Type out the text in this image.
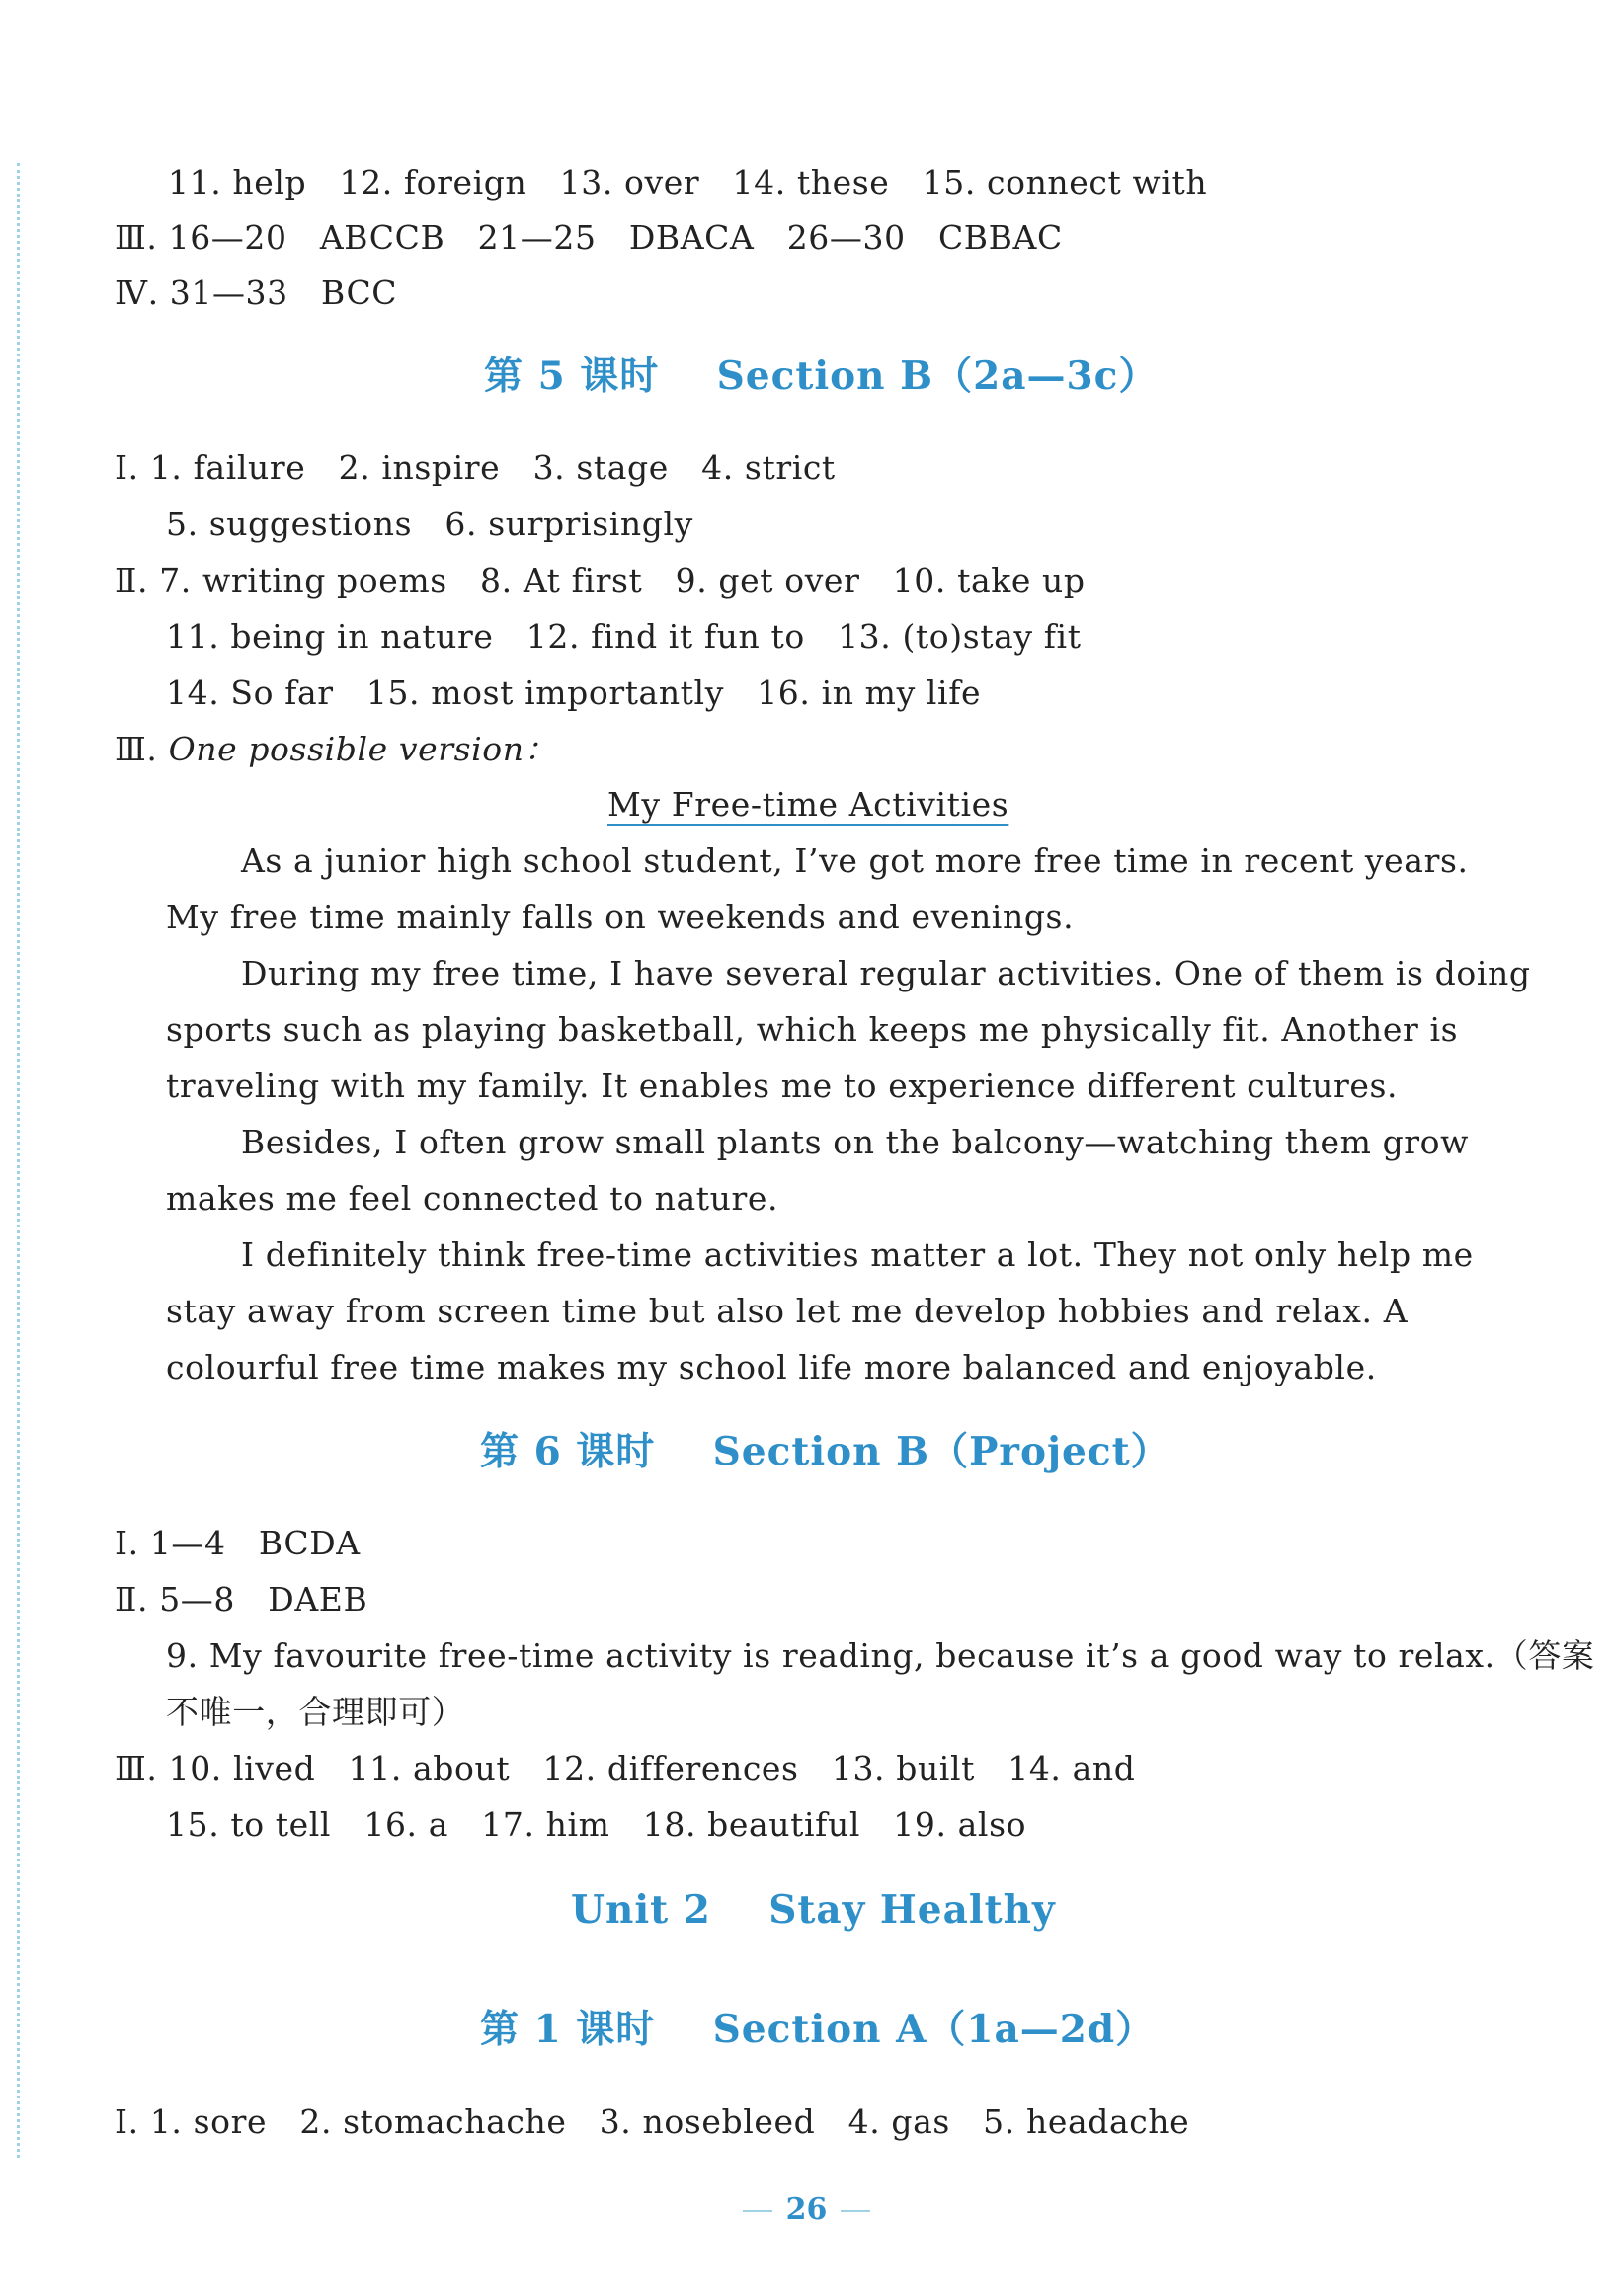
11. help   12. foreign   13. over   14. these   15. connect with
Ⅲ. 16—20   ABCCB   21—25   DBACA   26—30   CBBAC
Ⅳ. 31—33   BCC
第 5 课时    Section B（2a—3c）
Ⅰ. 1. failure   2. inspire   3. stage   4. strict
5. suggestions   6. surprisingly
Ⅱ. 7. writing poems   8. At first   9. get over   10. take up
11. being in nature   12. find it fun to   13. (to)stay fit
14. So far   15. most importantly   16. in my life
Ⅲ. One possible version：
My Free-time Activities
As a junior high school student, I’ve got more free time in recent years.
My free time mainly falls on weekends and evenings.
During my free time, I have several regular activities. One of them is doing
sports such as playing basketball, which keeps me physically fit. Another is
traveling with my family. It enables me to experience different cultures.
Besides, I often grow small plants on the balcony—watching them grow
makes me feel connected to nature.
I definitely think free-time activities matter a lot. They not only help me
stay away from screen time but also let me develop hobbies and relax. A
colourful free time makes my school life more balanced and enjoyable.
第 6 课时    Section B（Project）
Ⅰ. 1—4   BCDA
Ⅱ. 5—8   DAEB
9. My favourite free-time activity is reading, because it’s a good way to relax.（答案
不唯一，合理即可）
Ⅲ. 10. lived   11. about   12. differences   13. built   14. and
15. to tell   16. a   17. him   18. beautiful   19. also
Unit 2    Stay Healthy
第 1 课时    Section A（1a—2d）
Ⅰ. 1. sore   2. stomachache   3. nosebleed   4. gas   5. headache
26
